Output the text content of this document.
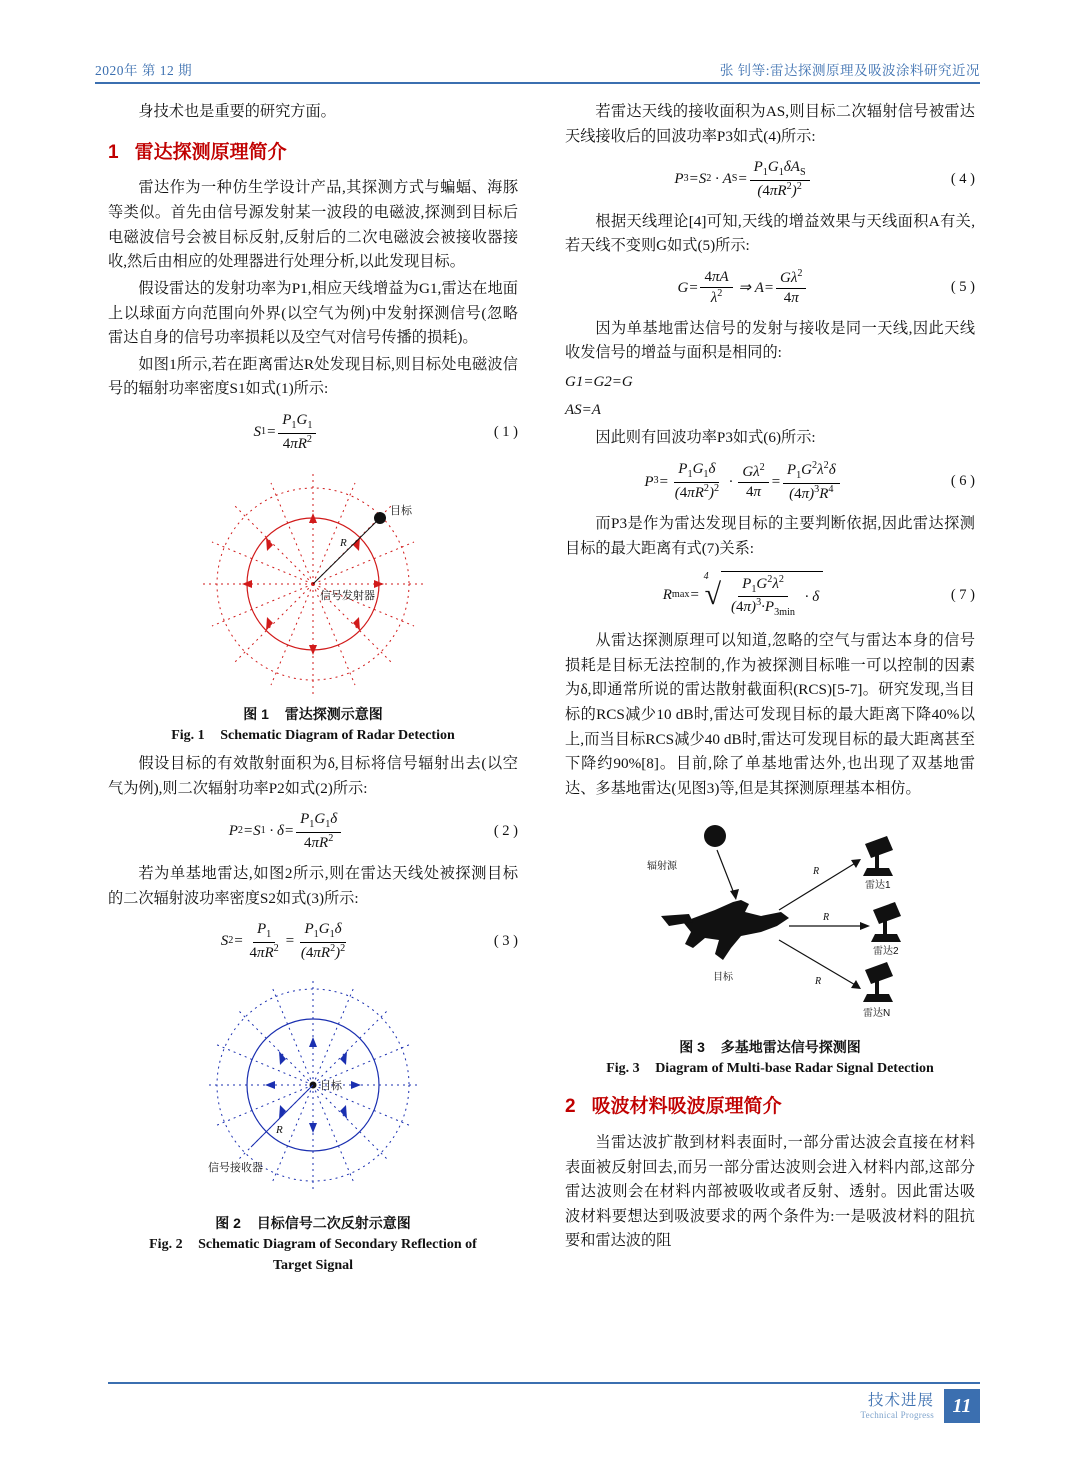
2020年 第 12 期	张 钊等:雷达探测原理及吸波涂料研究近况

身技术也是重要的研究方面。

1 雷达探测原理简介

雷达作为一种仿生学设计产品,其探测方式与蝙蝠、海豚等类似。首先由信号源发射某一波段的电磁波,探测到目标后电磁波信号会被目标反射,反射后的二次电磁波会被接收器接收,然后由相应的处理器进行处理分析,以此发现目标。

假设雷达的发射功率为P1,相应天线增益为G1,雷达在地面上以球面方向范围向外界(以空气为例)中发射探测信号(忽略雷达自身的信号功率损耗以及空气对信号传播的损耗)。

如图1所示,若在距离雷达R处发现目标,则目标处电磁波信号的辐射功率密度S1如式(1)所示:

S $1 = \frac{P_1G_1}{4\pi R^2}$	( 1 )
目标
R
信号发射器
图 1 雷达探测示意图
Fig. 1 Schematic Diagram of Radar Detection

假设目标的有效散射面积为δ,目标将信号辐射出去(以空气为例),则二次辐射功率P2如式(2)所示:

P 2 = S $1 \cdot \delta= \frac{P_1G_1\delta}{4\pi R^2}$	( 2 )

若为单基地雷达,如图2所示,则在雷达天线处被探测目标的二次辐射波功率密度S2如式(3)所示:

S $2 = \frac{P_1}{4\pi R^2} = \frac{P_1G_1\delta}{(4\pi R^2)^2}$	( 3 )
目标
R
信号接收器
图 2 目标信号二次反射示意图
Fig. 2 Schematic Diagram of Secondary Reflection of
Target Signal

若雷达天线的接收面积为AS,则目标二次辐射信号被雷达天线接收后的回波功率P3如式(4)所示:

P 3 = S 2 · A $S = \frac{P_1G_1\delta A_S}{(4\pi R^2)^2}$	( 4 )

根据天线理论[4]可知,天线的增益效果与天线面积A有关,若天线不变则G如式(5)所示:

$G = \frac{4\pi A}{\lambda^2}$ ⇒ $A = \frac{G\lambda^2}{4\pi}$	( 5 )

因为单基地雷达信号的发射与接收是同一天线,因此天线收发信号的增益与面积是相同的:

G1=G2=G
AS=A

因此则有回波功率P3如式(6)所示:

P $3 = \frac{P_1G_1\delta}{(4\pi R^2)^2} \cdot \frac{G\lambda^2}{4\pi} = \frac{P_1G^2\lambda^2\delta}{(4\pi)^3R^4}$	( 6 )

而P3是作为雷达发现目标的主要判断依据,因此雷达探测目标的最大距离有式(7)关系:

R max =
4
√ $\frac{P_1G^2\lambda^2}{(4\pi)^3\cdot P_{3min}} \cdot \delta$	( 7 )

从雷达探测原理可以知道,忽略的空气与雷达本身的信号损耗是目标无法控制的,作为被探测目标唯一可以控制的因素为δ,即通常所说的雷达散射截面积(RCS)[5-7]。研究发现,当目标的RCS减少10 dB时,雷达可发现目标的最大距离下降40%以上,而当目标RCS减少40 dB时,雷达可发现目标的最大距离甚至下降约90%[8]。目前,除了单基地雷达外,也出现了双基地雷达、多基地雷达(见图3)等,但是其探测原理基本相仿。

辐射源
目标
R
R
R
雷达1
雷达2
雷达N
图 3 多基地雷达信号探测图
Fig. 3 Diagram of Multi-base Radar Signal Detection
2 吸波材料吸波原理简介

当雷达波扩散到材料表面时,一部分雷达波会直接在材料表面被反射回去,而另一部分雷达波则会进入材料内部,这部分雷达波则会在材料内部被吸收或者反射、透射。因此雷达吸波材料要想达到吸波要求的两个条件为:一是吸波材料的阻抗要和雷达波的阻

技术进展
Technical Progress 11
